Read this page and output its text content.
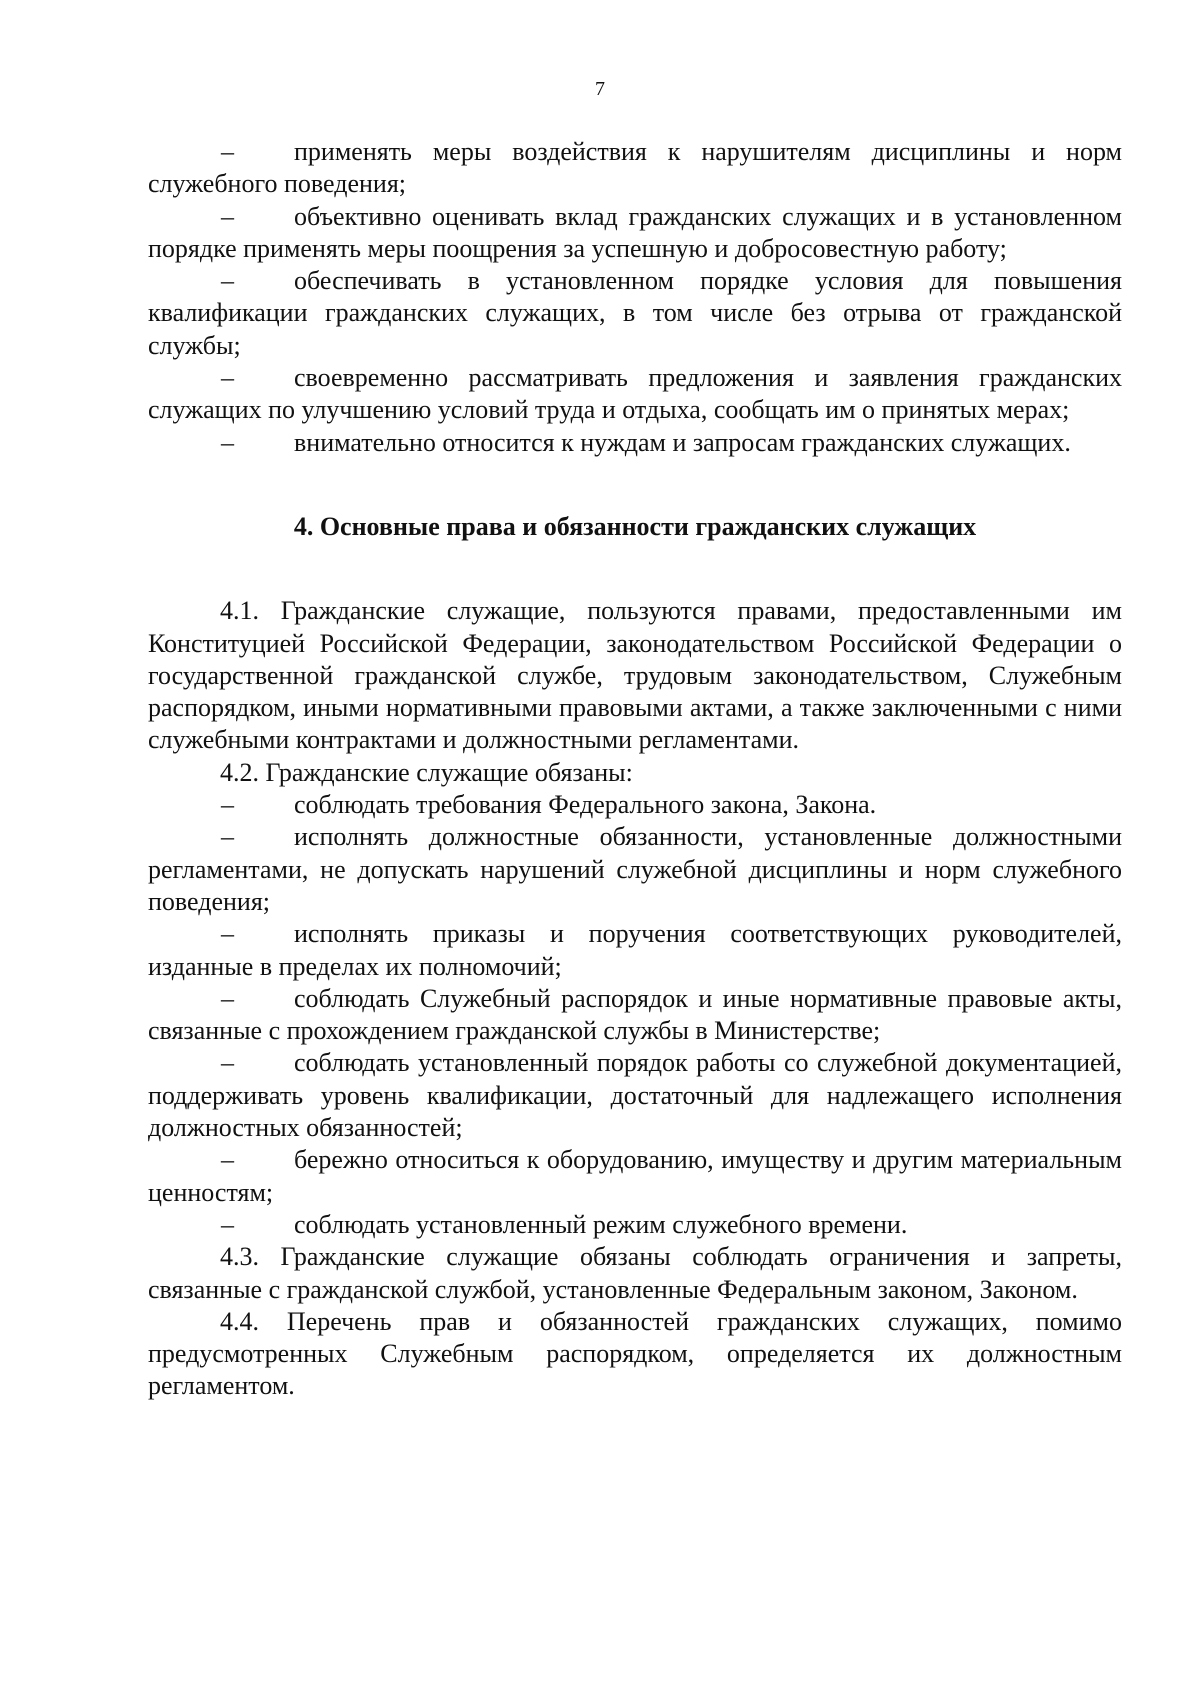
7

– применять меры воздействия к нарушителям дисциплины и норм служебного поведения;

– объективно оценивать вклад гражданских служащих и в установленном порядке применять меры поощрения за успешную и добросовестную работу;

– обеспечивать в установленном порядке условия для повышения квалификации гражданских служащих, в том числе без отрыва от гражданской службы;

– своевременно рассматривать предложения и заявления гражданских служащих по улучшению условий труда и отдыха, сообщать им о принятых мерах;

– внимательно относится к нуждам и запросам гражданских служащих.

4. Основные права и обязанности гражданских служащих

4.1. Гражданские служащие, пользуются правами, предоставленными им Конституцией Российской Федерации, законодательством Российской Федерации о государственной гражданской службе, трудовым законодательством, Служебным распорядком, иными нормативными правовыми актами, а также заключенными с ними служебными контрактами и должностными регламентами.

4.2. Гражданские служащие обязаны:

– соблюдать требования Федерального закона, Закона.

– исполнять должностные обязанности, установленные должностными регламентами, не допускать нарушений служебной дисциплины и норм служебного поведения;

– исполнять приказы и поручения соответствующих руководителей, изданные в пределах их полномочий;

– соблюдать Служебный распорядок и иные нормативные правовые акты, связанные с прохождением гражданской службы в Министерстве;

– соблюдать установленный порядок работы со служебной документацией, поддерживать уровень квалификации, достаточный для надлежащего исполнения должностных обязанностей;

– бережно относиться к оборудованию, имуществу и другим материальным ценностям;

– соблюдать установленный режим служебного времени.

4.3. Гражданские служащие обязаны соблюдать ограничения и запреты, связанные с гражданской службой, установленные Федеральным законом, Законом.

4.4. Перечень прав и обязанностей гражданских служащих, помимо предусмотренных Служебным распорядком, определяется их должностным регламентом.
